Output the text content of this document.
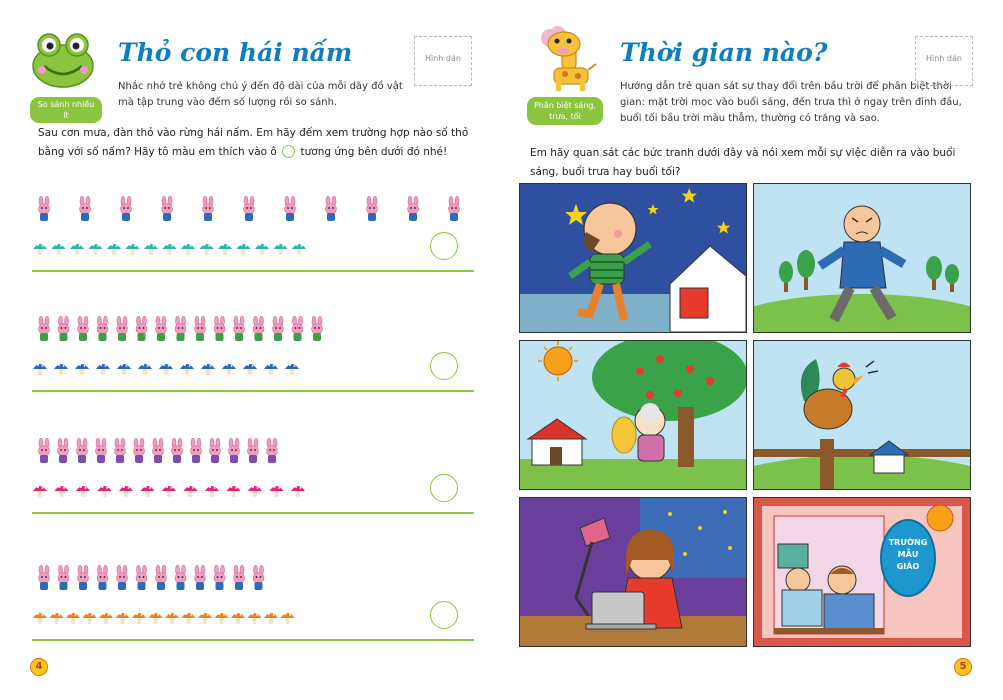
So sánh nhiều ít
Thỏ con hái nấm
Nhắc nhở trẻ không chú ý đến độ dài của mỗi dãy đồ vật mà tập trung vào đếm số lượng rồi so sánh.
Hình dán
Sau cơn mưa, đàn thỏ vào rừng hái nấm. Em hãy đếm xem trường hợp nào số thỏ bằng với số nấm? Hãy tô màu em thích vào ô tương ứng bên dưới đó nhé!
4
Phân biệt sáng, trưa, tối
Thời gian nào?
Hướng dẫn trẻ quan sát sự thay đổi trên bầu trời để phân biệt thời gian: mặt trời mọc vào buổi sáng, đến trưa thì ở ngay trên đỉnh đầu, buổi tối bầu trời màu thẫm, thường có trăng và sao.
Hình dán
Em hãy quan sát các bức tranh dưới đây và nói xem mỗi sự việc diễn ra vào buổi sáng, buổi trưa hay buổi tối?
TRƯỜNG
MẪU
GIÁO
5
